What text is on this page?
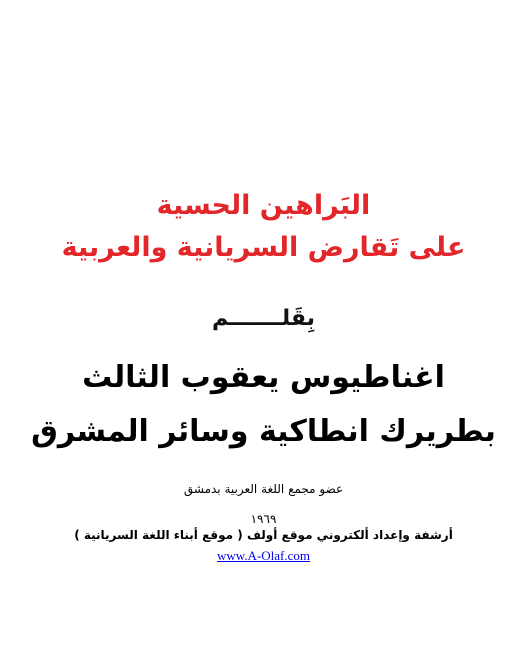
البَراهين الحسية
على تَقارض السريانية والعربية
بِقَلـــــــم
اغناطيوس يعقوب الثالث
بطريرك انطاكية وسائر المشرق
عضو مجمع اللغة العربية بدمشق
١٩٦٩
أرشفة وإعداد ألكتروني موقع أولف ( موقع أبناء اللغة السريانية )
www.A-Olaf.com
